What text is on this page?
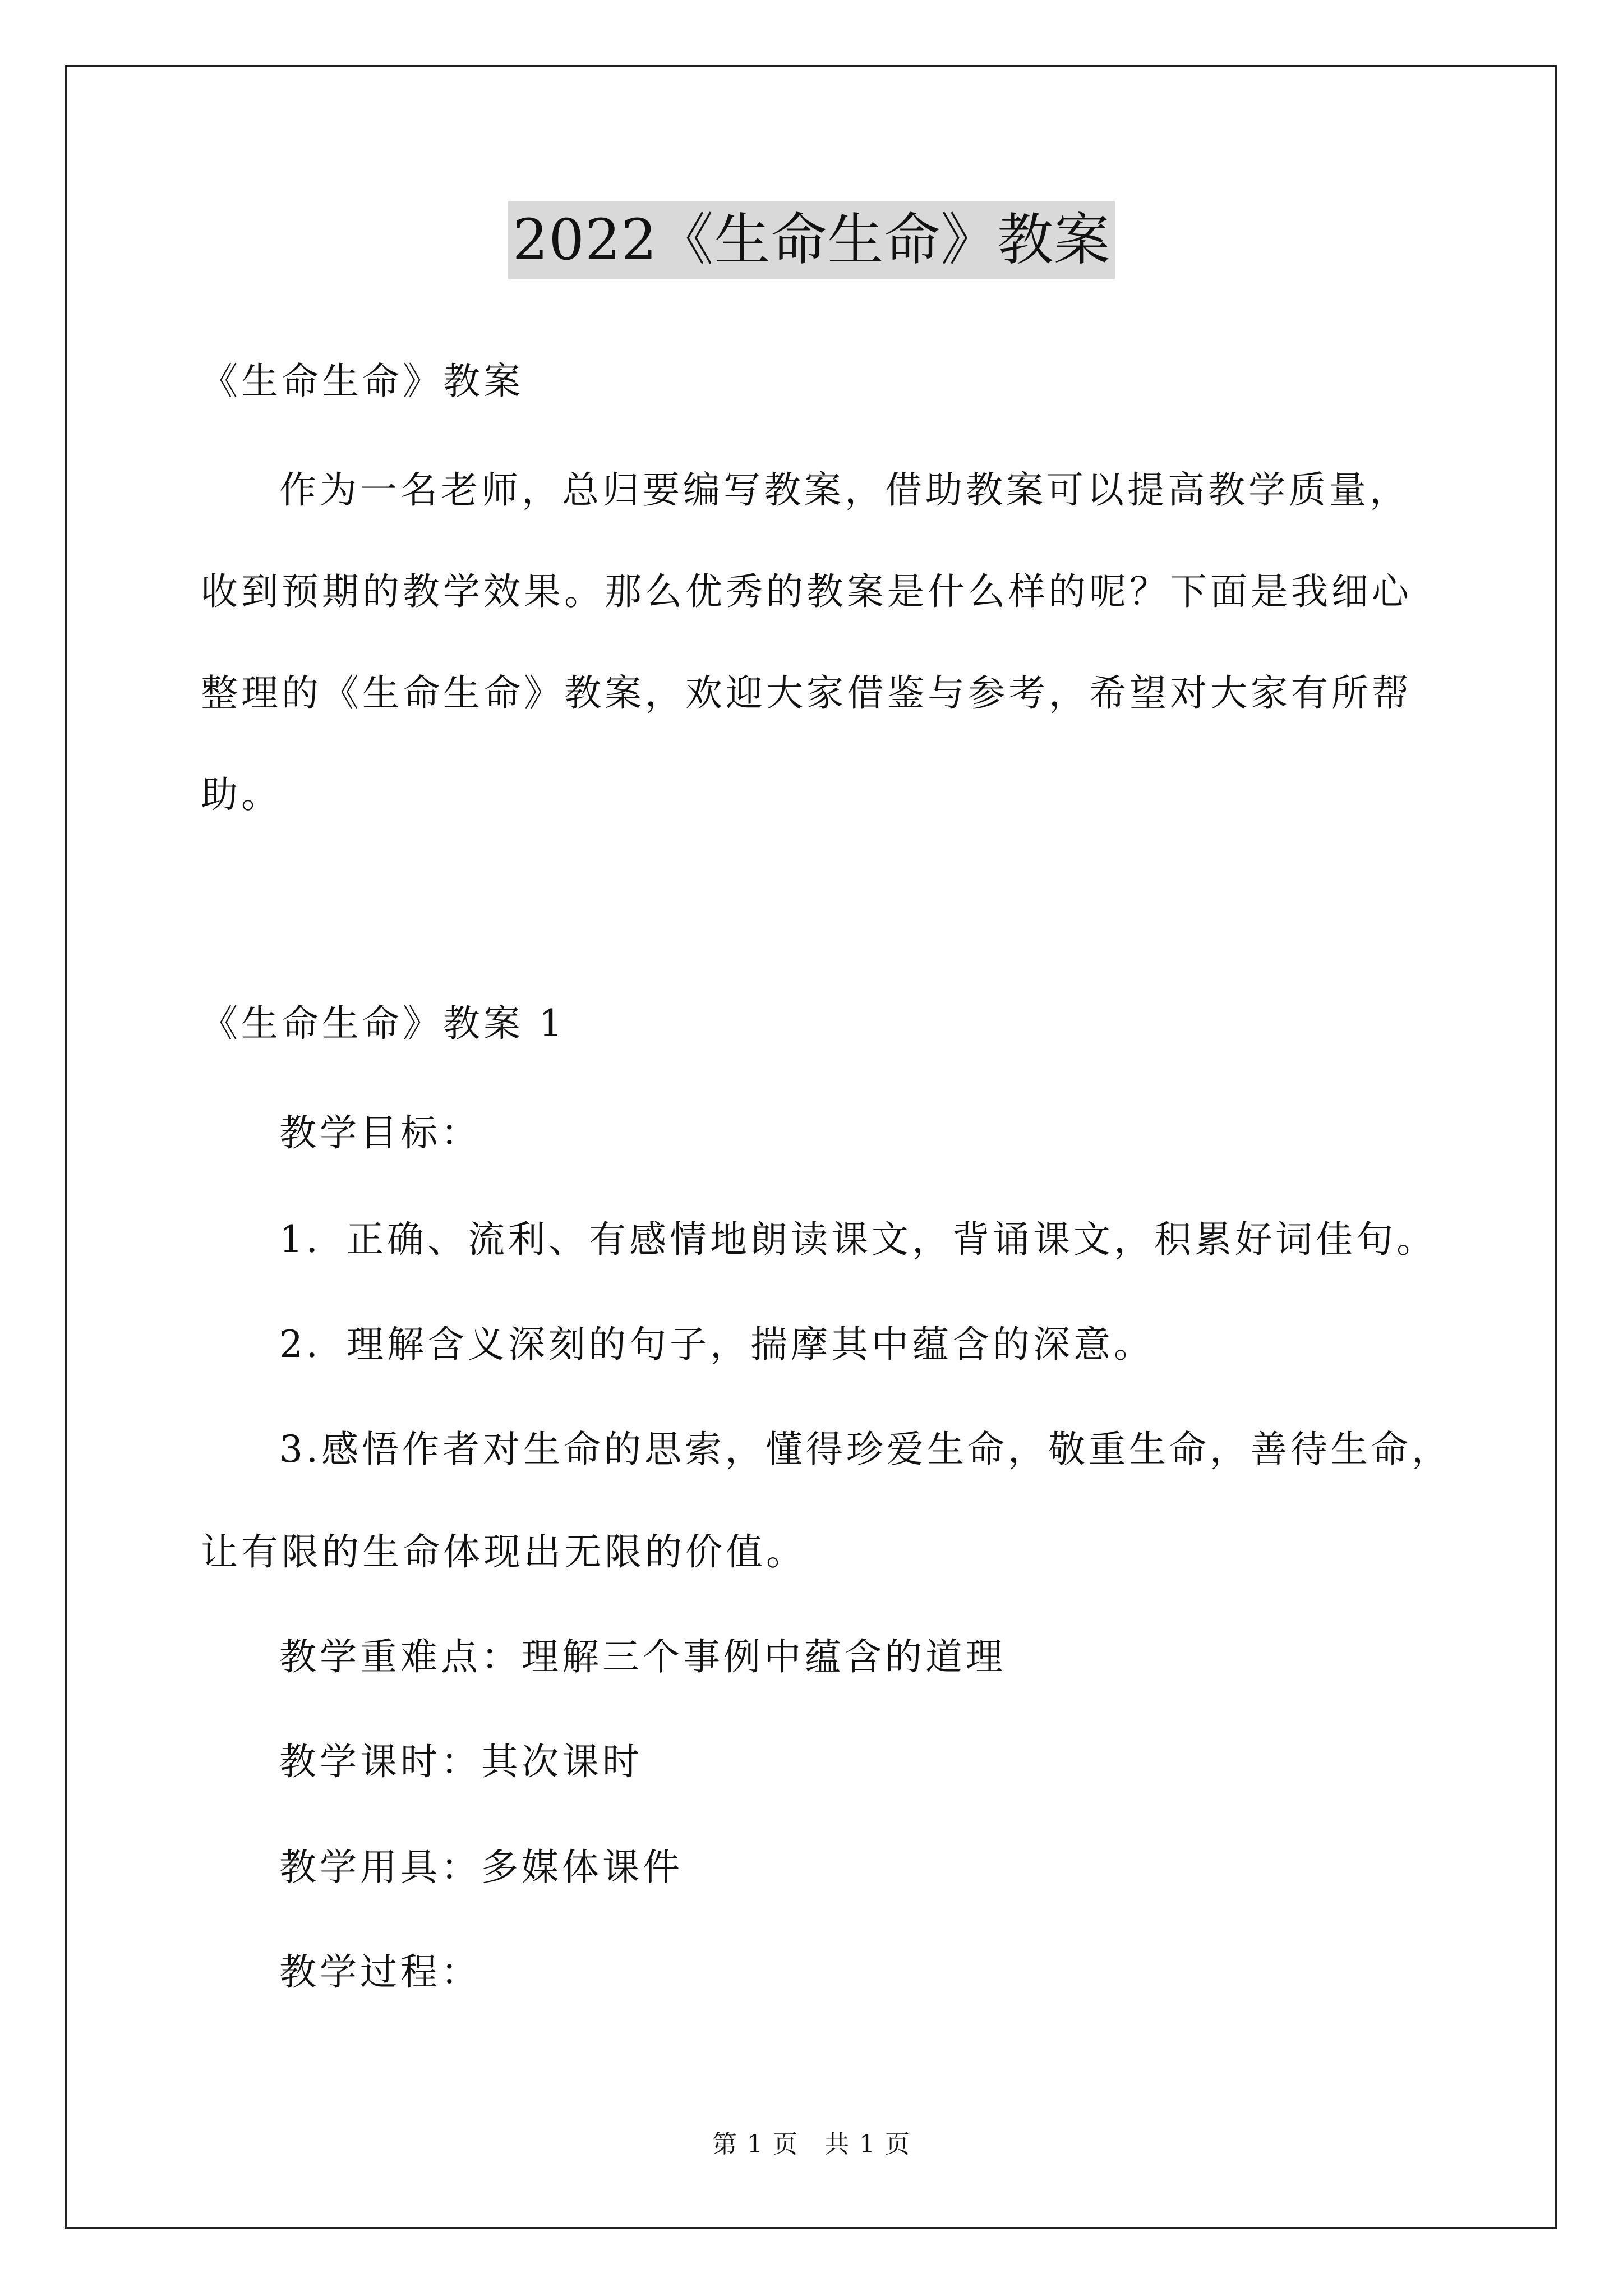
2022《生命生命》教案
《生命生命》教案
作为一名老师，总归要编写教案，借助教案可以提高教学质量，
收到预期的教学效果。那么优秀的教案是什么样的呢？下面是我细心
整理的《生命生命》教案，欢迎大家借鉴与参考，希望对大家有所帮
助。
《生命生命》教案 1
教学目标：
1．正确、流利、有感情地朗读课文，背诵课文，积累好词佳句。
2．理解含义深刻的句子，揣摩其中蕴含的深意。
3.感悟作者对生命的思索，懂得珍爱生命，敬重生命，善待生命，
让有限的生命体现出无限的价值。
教学重难点：理解三个事例中蕴含的道理
教学课时：其次课时
教学用具：多媒体课件
教学过程：
第 1 页　共 1 页
